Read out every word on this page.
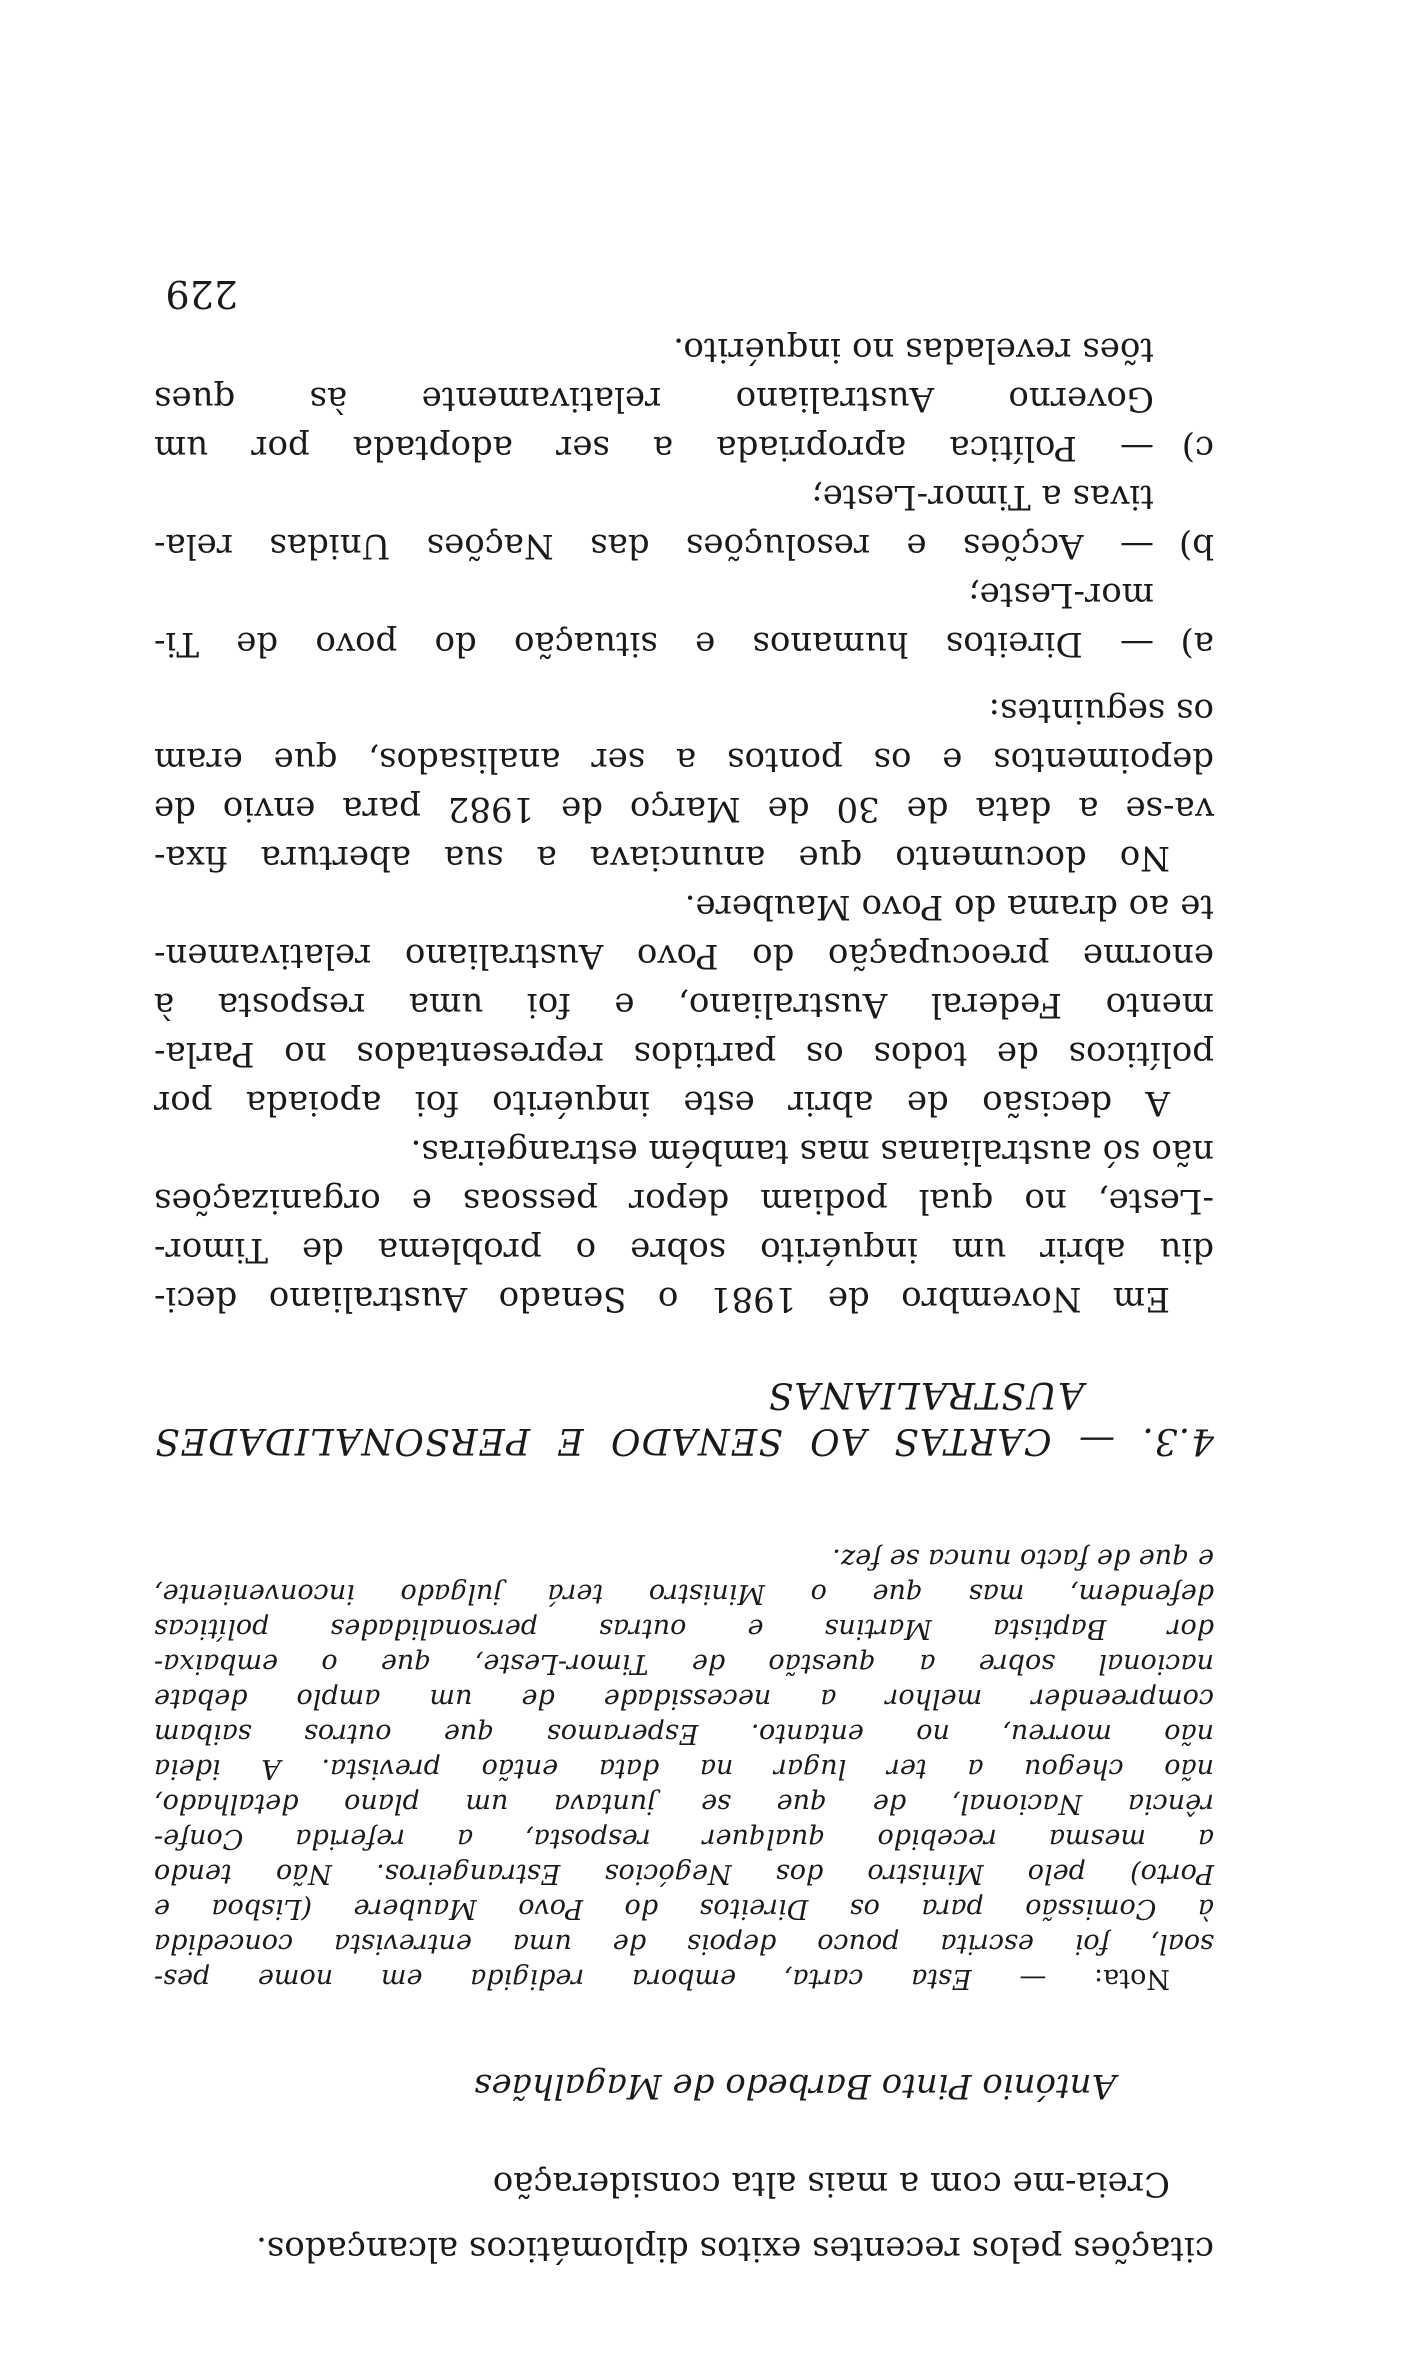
citações pelos recentes exitos diplomáticos alcançados.
Creia-me com a mais alta consideração
António Pinto Barbedo de Magalhães
Nota: — Esta carta, embora redigida em nome pes-
soal, foi escrita pouco depois de uma entrevista concedida
à Comissão para os Direitos do Povo Maubere (Lisboa e
Porto) pelo Ministro dos Negócios Estrangeiros. Não tendo
a mesma recebido qualquer resposta, a referida Confe-
rência Nacional, de que se juntava um plano detalhado,
não chegou a ter lugar na data então prevista. A ideia
não morreu, no entanto. Esperamos que outros saibam
compreender melhor a necessidade de um amplo debate
nacional sobre a questão de Timor-Leste, que o embaixa-
dor Baptista Martins e outras personalidades políticas
defendem, mas que o Ministro terá julgado inconveniente,
e que de facto nunca se fez.
4.3. — CARTAS AO SENADO E PERSONALIDADES
AUSTRALIANAS
Em Novembro de 1981 o Senado Australiano deci-
diu abrir um inquérito sobre o problema de Timor-
-Leste, no qual podiam depor pessoas e organizações
não só australianas mas também estrangeiras.
A decisão de abrir este inquérito foi apoiada por
políticos de todos os partidos representados no Parla-
mento Federal Australiano, e foi uma resposta à
enorme preocupação do Povo Australiano relativamen-
te ao drama do Povo Maubere.
No documento que anunciava a sua abertura fixa-
va-se a data de 30 de Março de 1982 para envio de
depoimentos e os pontos a ser analisados, que eram
os seguintes:
a)
— Direitos humanos e situação do povo de Ti-
mor-Leste;
b)
— Acções e resoluções das Nações Unidas rela-
tivas a Timor-Leste;
c)
— Política apropriada a ser adoptada por um
Governo Australiano relativamente às ques
tões reveladas no inquérito.
229
